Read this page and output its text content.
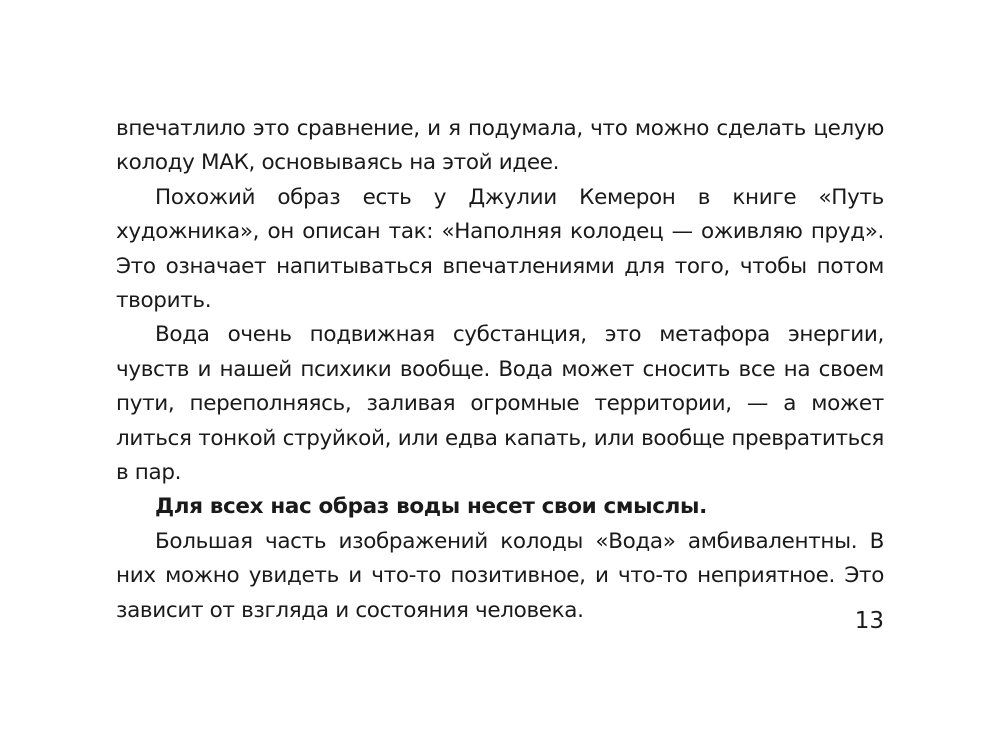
впечатлило это сравнение, и я подумала, что можно сделать целую колоду МАК, основываясь на этой идее.

Похожий образ есть у Джулии Кемерон в книге «Путь художника», он описан так: «Наполняя колодец — оживляю пруд». Это означает напитываться впечатлениями для того, чтобы потом творить.

Вода очень подвижная субстанция, это метафора энергии, чувств и нашей психики вообще. Вода может сносить все на своем пути, переполняясь, заливая огромные территории, — а может литься тонкой струйкой, или едва капать, или вообще превратиться в пар.

Для всех нас образ воды несет свои смыслы.

Большая часть изображений колоды «Вода» амбивалентны. В них можно увидеть и что-то позитивное, и что-то неприятное. Это зависит от взгляда и состояния человека.	13
